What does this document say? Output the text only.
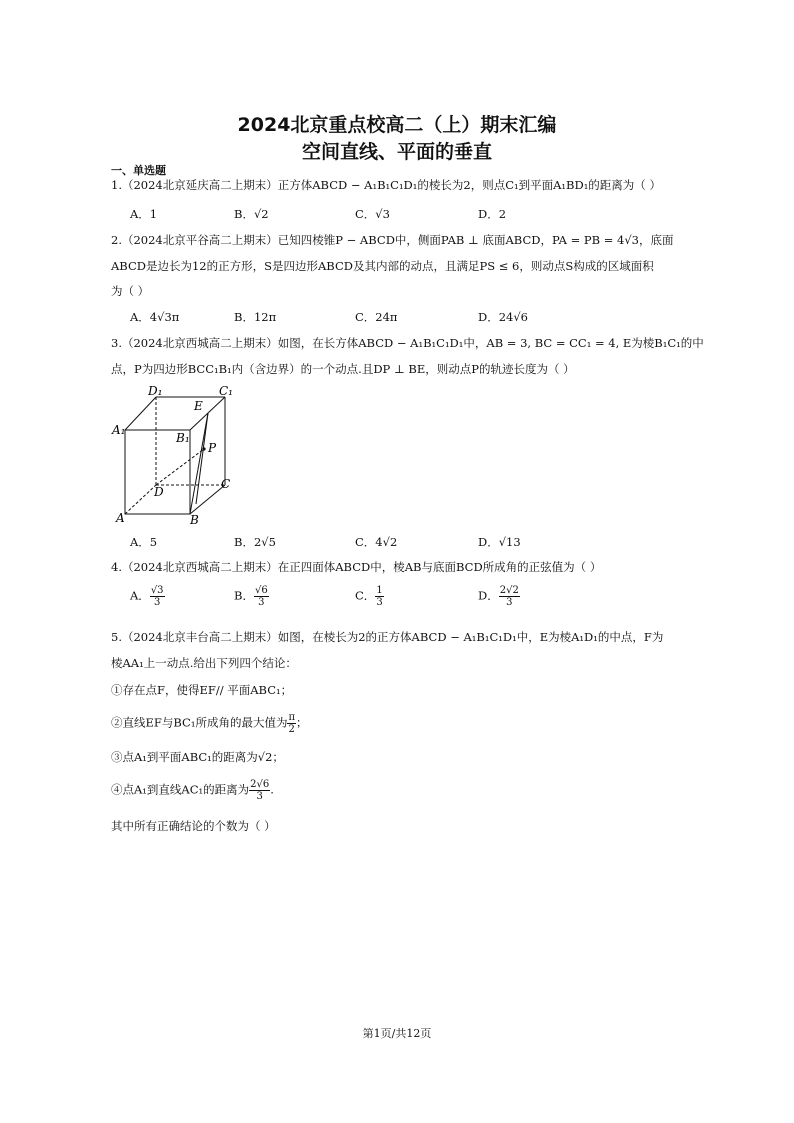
2024北京重点校高二（上）期末汇编
空间直线、平面的垂直
一、单选题
1.（2024北京延庆高二上期末）正方体ABCD − A₁B₁C₁D₁的棱长为2，则点C₁到平面A₁BD₁的距离为（ ）
A．1	B．√2	C．√3	D．2
2.（2024北京平谷高二上期末）已知四棱锥P − ABCD中，侧面PAB ⊥ 底面ABCD，PA = PB = 4√3，底面
ABCD是边长为12的正方形，S是四边形ABCD及其内部的动点，且满足PS ≤ 6，则动点S构成的区域面积
为（ ）
A．4√3π	B．12π	C．24π	D．24√6
3.（2024北京西城高二上期末）如图，在长方体ABCD − A₁B₁C₁D₁中，AB = 3, BC = CC₁ = 4, E为棱B₁C₁的中
点，P为四边形BCC₁B₁内（含边界）的一个动点.且DP ⊥ BE，则动点P的轨迹长度为（ ）
D₁	C₁
A₁
B₁
E
P
D
C
A	B
A．5	B．2√5	C．4√2	D．√13
4.（2024北京西城高二上期末）在正四面体ABCD中，棱AB与底面BCD所成角的正弦值为（ ）
A． $\frac{√3}{3}$	B． $\frac{√6}{3}$	C． $\frac{1}{3}$	D． $\frac{2√2}{3}$
5.（2024北京丰台高二上期末）如图，在棱长为2的正方体ABCD − A₁B₁C₁D₁中，E为棱A₁D₁的中点，F为
棱AA₁上一动点.给出下列四个结论：
①存在点F，使得EF// 平面ABC₁；
②直线EF与BC₁所成角的最大值为 $\frac{\pi}{2}$ ；
③点A₁到平面ABC₁的距离为√2；
④点A₁到直线AC₁的距离为 $\frac{2√6}{3}$ .
其中所有正确结论的个数为（ ）
第1页/共12页
